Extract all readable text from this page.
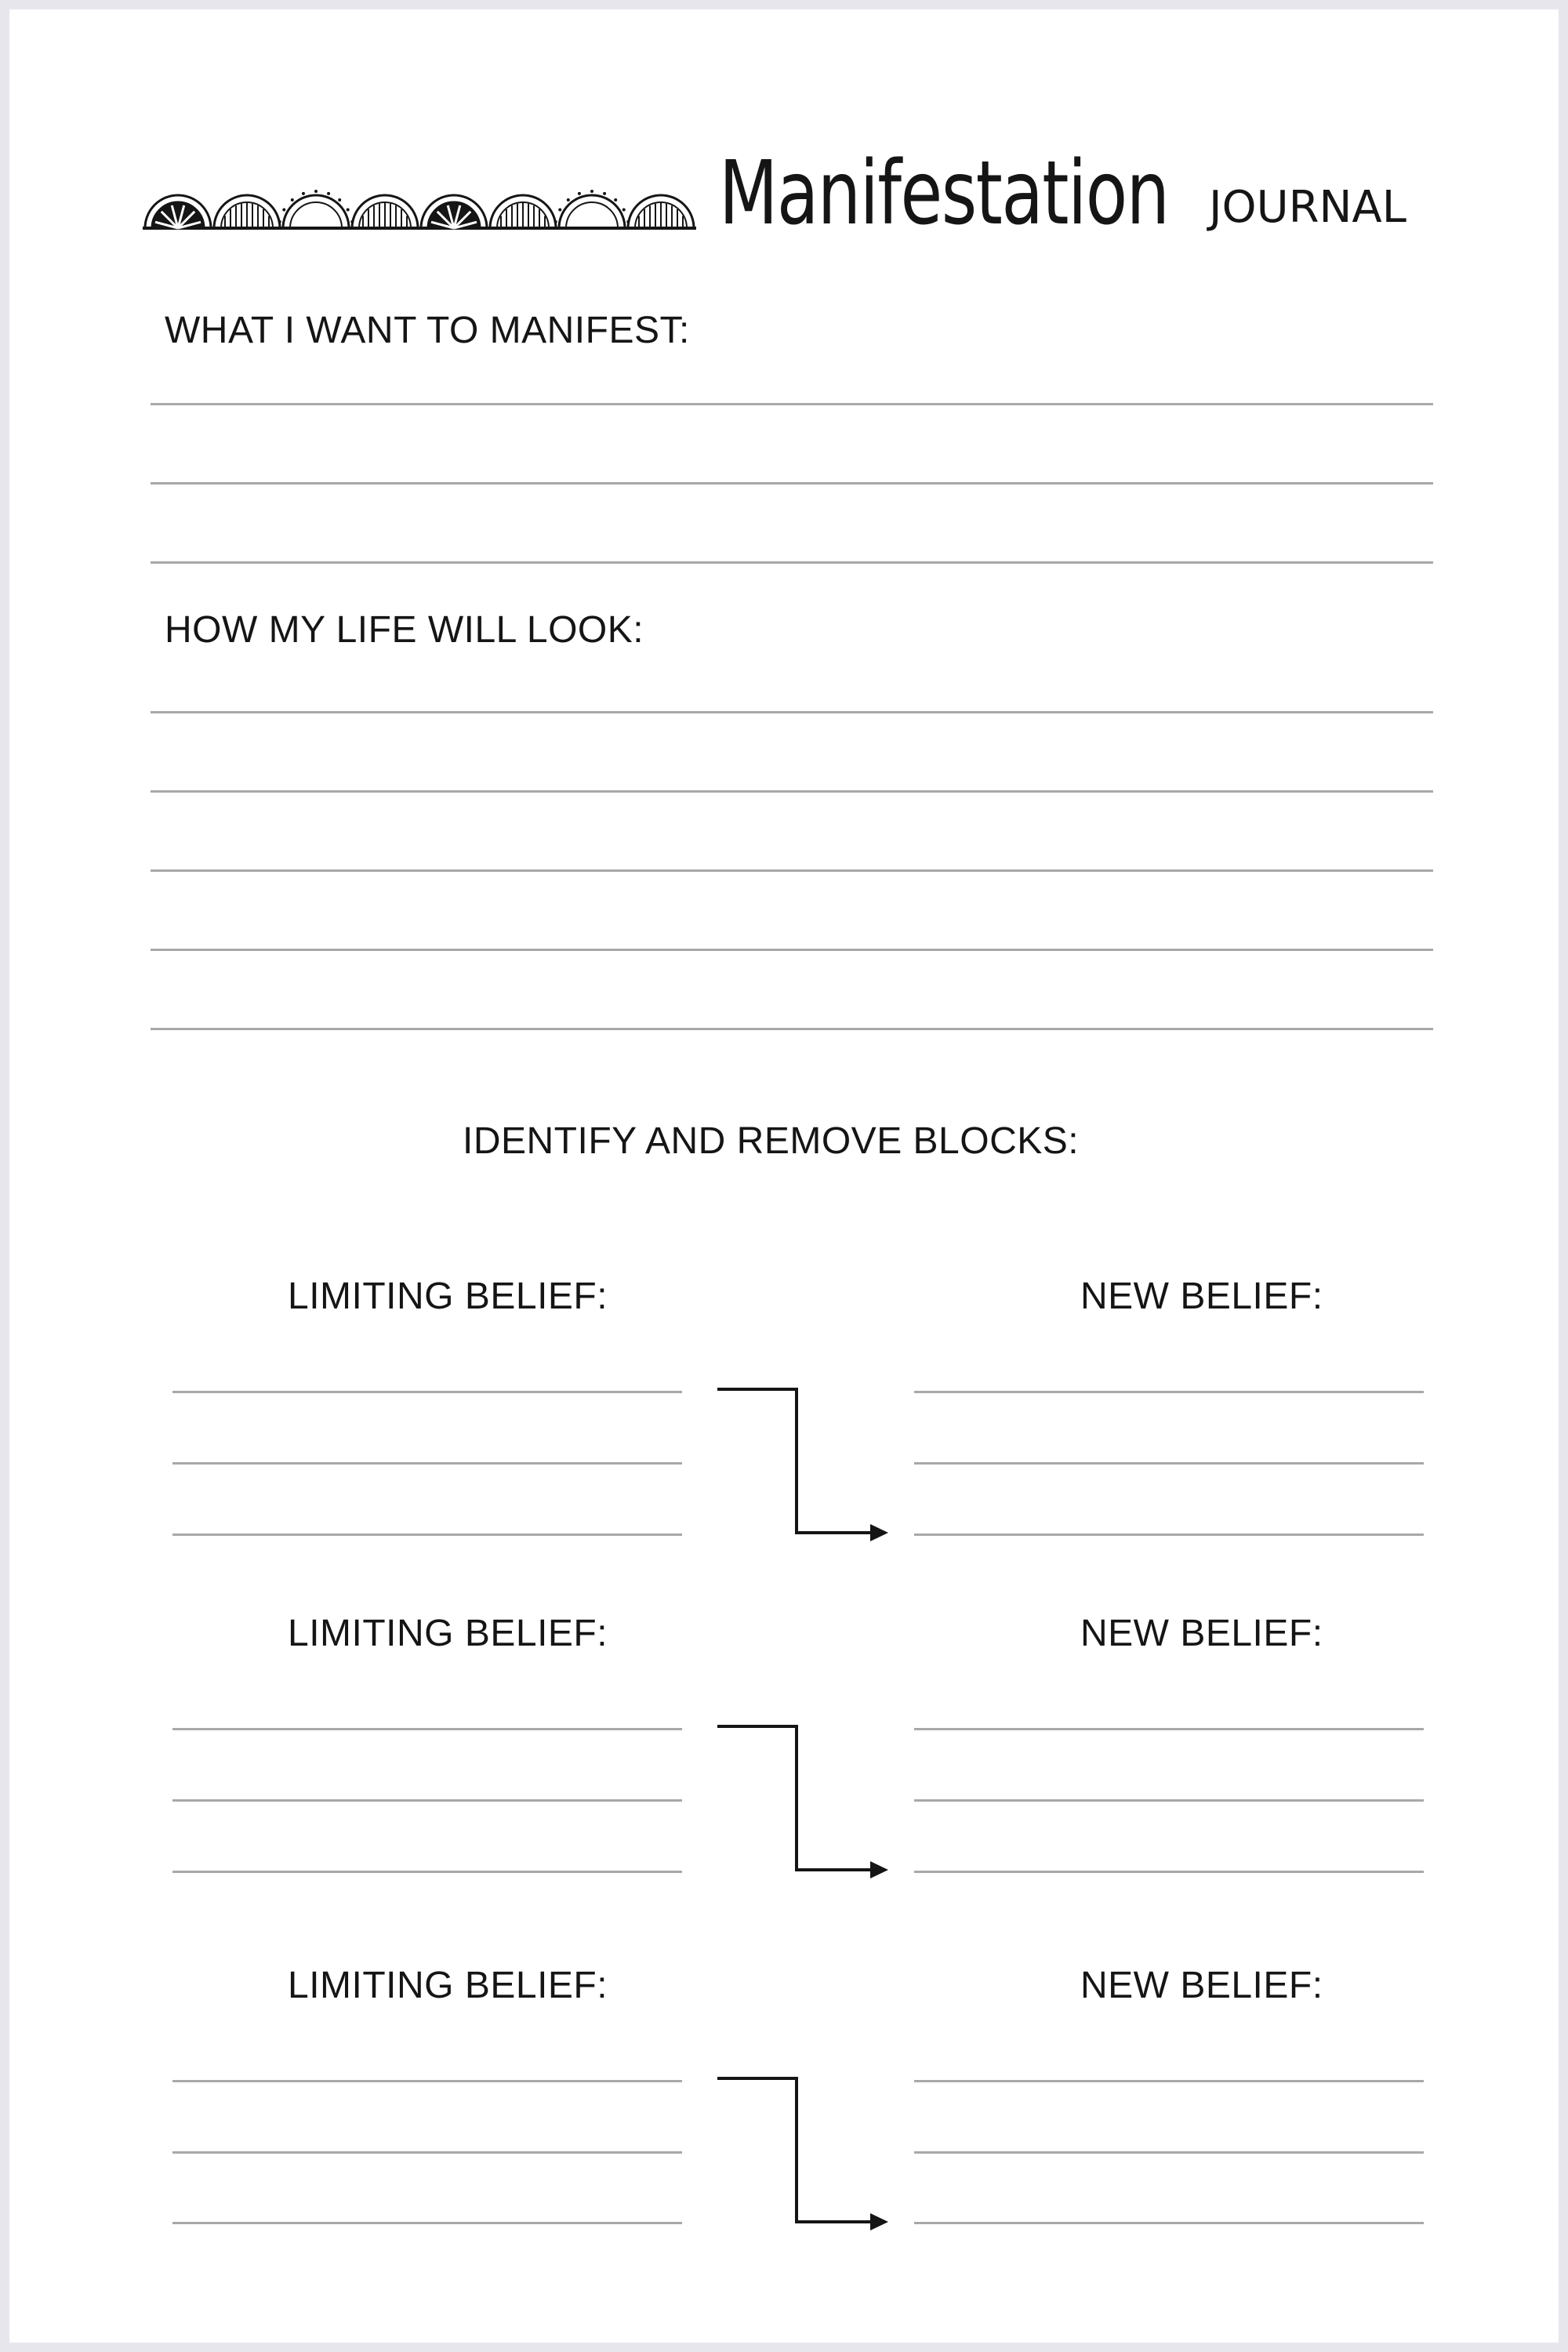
Manifestation JOURNAL
WHAT I WANT TO MANIFEST:
HOW MY LIFE WILL LOOK:
IDENTIFY AND REMOVE BLOCKS:
LIMITING BELIEF:	NEW BELIEF:
LIMITING BELIEF:	NEW BELIEF:
LIMITING BELIEF:	NEW BELIEF:
